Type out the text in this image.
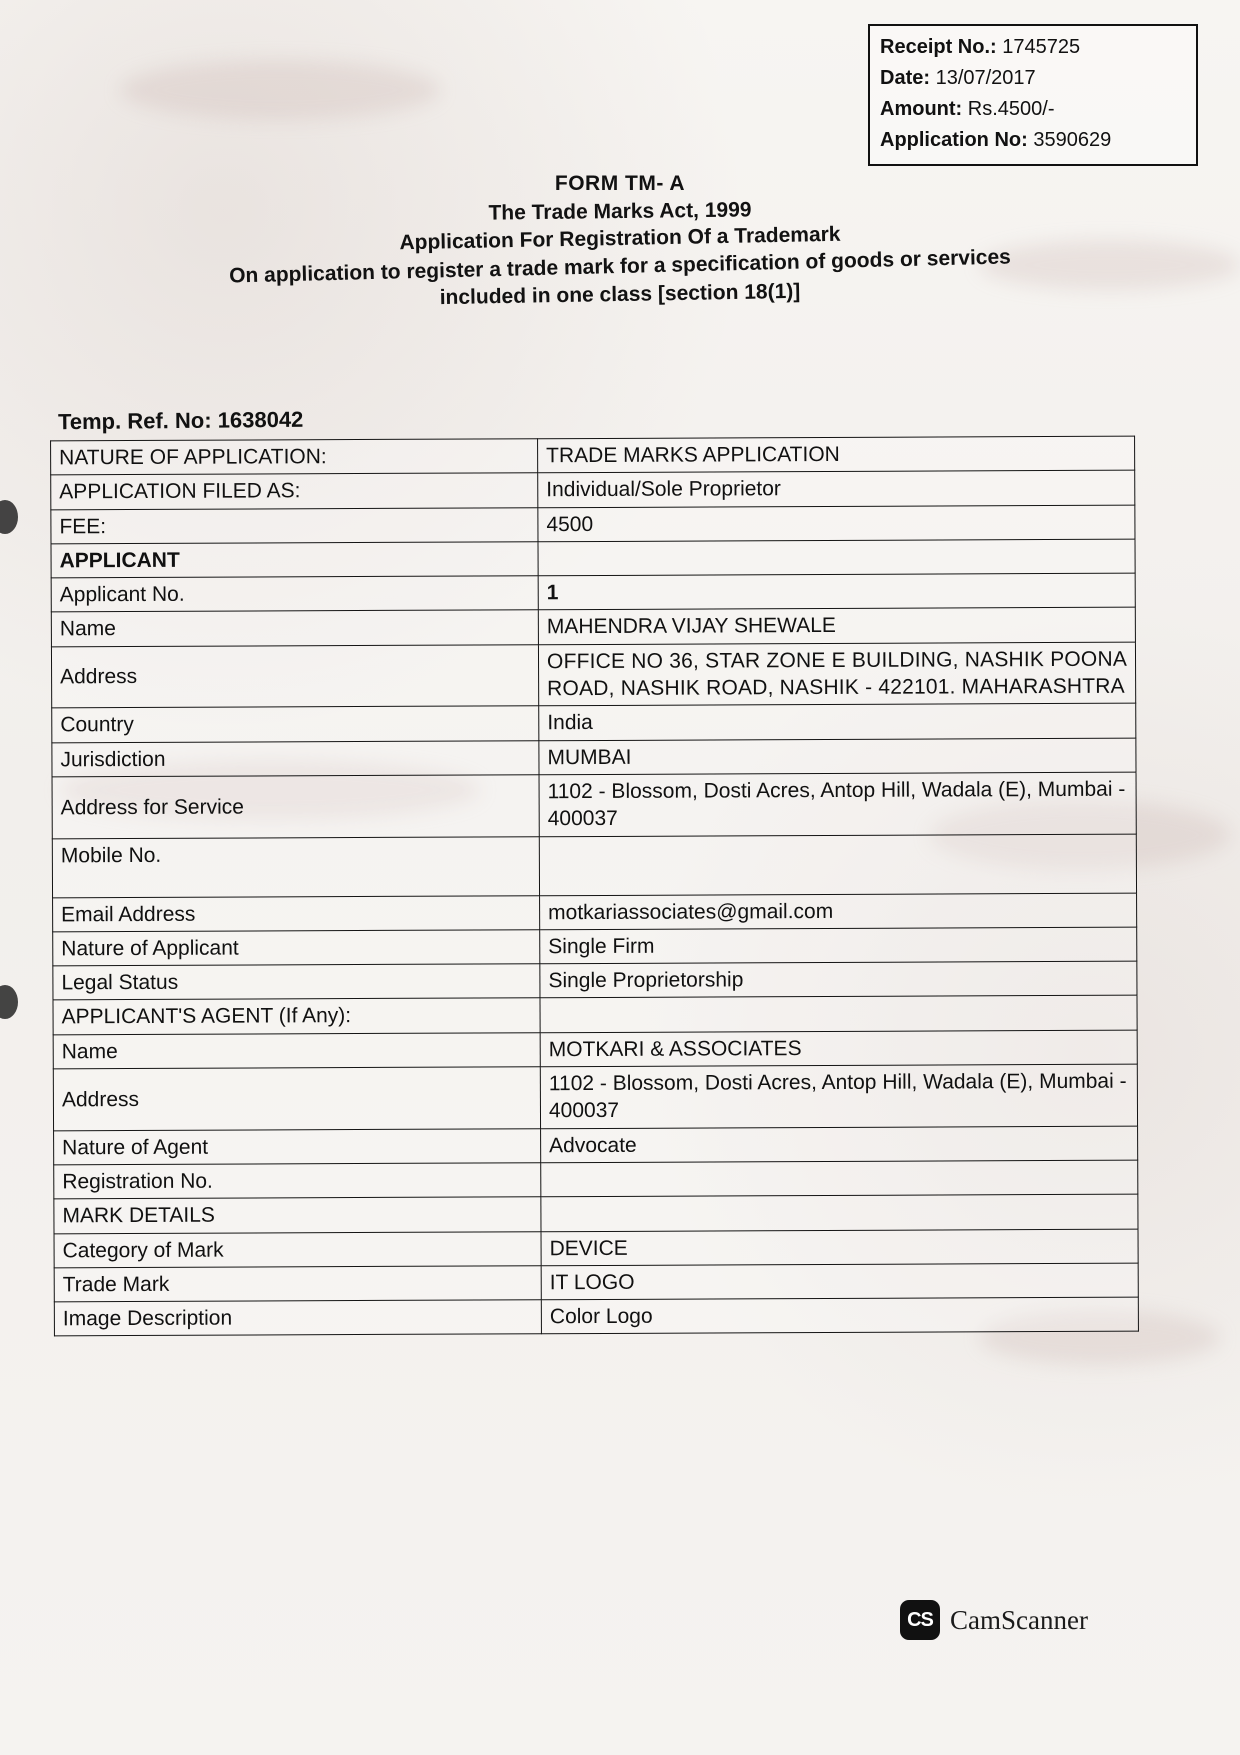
Receipt No.: 1745725
Date: 13/07/2017
Amount: Rs.4500/-
Application No: 3590629
FORM TM- A
The Trade Marks Act, 1999
Application For Registration Of a Trademark
On application to register a trade mark for a specification of goods or services
included in one class [section 18(1)]
Temp. Ref. No: 1638042
NATURE OF APPLICATION:	TRADE MARKS APPLICATION
APPLICATION FILED AS:	Individual/Sole Proprietor
FEE:	4500
APPLICANT	
Applicant No.	1
Name	MAHENDRA VIJAY SHEWALE
Address	OFFICE NO 36, STAR ZONE E BUILDING, NASHIK POONA ROAD, NASHIK ROAD, NASHIK - 422101. MAHARASHTRA
Country	India
Jurisdiction	MUMBAI
Address for Service	1102 - Blossom, Dosti Acres, Antop Hill, Wadala (E), Mumbai - 400037
Mobile No.	
Email Address	motkariassociates@gmail.com
Nature of Applicant	Single Firm
Legal Status	Single Proprietorship
APPLICANT'S AGENT (If Any):	
Name	MOTKARI & ASSOCIATES
Address	1102 - Blossom, Dosti Acres, Antop Hill, Wadala (E), Mumbai - 400037
Nature of Agent	Advocate
Registration No.	
MARK DETAILS	
Category of Mark	DEVICE
Trade Mark	IT LOGO
Image Description	Color Logo
CS CamScanner
